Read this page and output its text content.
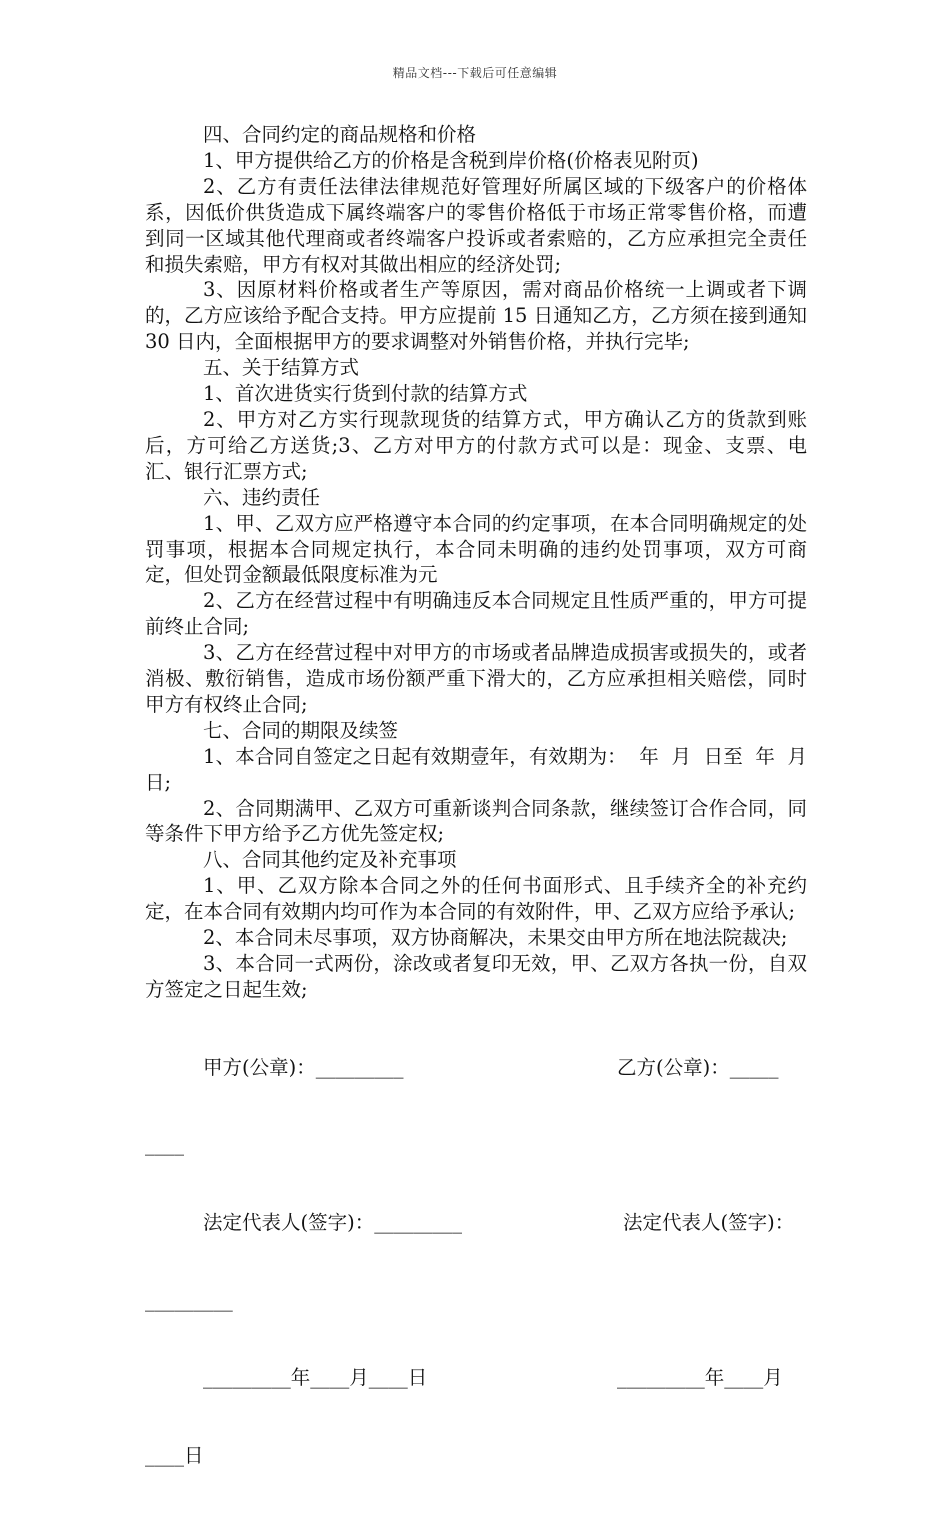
精品文档---下载后可任意编辑

四、合同约定的商品规格和价格

1、甲方提供给乙方的价格是含税到岸价格(价格表见附页)

2、乙方有责任法律法律规范好管理好所属区域的下级客户的价格体系，因低价供货造成下属终端客户的零售价格低于市场正常零售价格，而遭到同一区域其他代理商或者终端客户投诉或者索赔的，乙方应承担完全责任和损失索赔，甲方有权对其做出相应的经济处罚;

3、因原材料价格或者生产等原因，需对商品价格统一上调或者下调的，乙方应该给予配合支持。甲方应提前 15 日通知乙方，乙方须在接到通知 30 日内，全面根据甲方的要求调整对外销售价格，并执行完毕;

五、关于结算方式

1、首次进货实行货到付款的结算方式

2、甲方对乙方实行现款现货的结算方式，甲方确认乙方的货款到账后，方可给乙方送货;3、乙方对甲方的付款方式可以是：现金、支票、电汇、银行汇票方式;

六、违约责任

1、甲、乙双方应严格遵守本合同的约定事项，在本合同明确规定的处罚事项，根据本合同规定执行，本合同未明确的违约处罚事项，双方可商定，但处罚金额最低限度标准为元

2、乙方在经营过程中有明确违反本合同规定且性质严重的，甲方可提前终止合同;

3、乙方在经营过程中对甲方的市场或者品牌造成损害或损失的，或者消极、敷衍销售，造成市场份额严重下滑大的，乙方应承担相关赔偿，同时甲方有权终止合同;

七、合同的期限及续签

1、本合同自签定之日起有效期壹年，有效期为：  年  月  日至  年  月  日;

2、合同期满甲、乙双方可重新谈判合同条款，继续签订合作合同，同等条件下甲方给予乙方优先签定权;

八、合同其他约定及补充事项

1、甲、乙双方除本合同之外的任何书面形式、且手续齐全的补充约定，在本合同有效期内均可作为本合同的有效附件，甲、乙双方应给予承认;

2、本合同未尽事项，双方协商解决，未果交由甲方所在地法院裁决;

3、本合同一式两份，涂改或者复印无效，甲、乙双方各执一份，自双方签定之日起生效;

甲方(公章)：_________

	乙方(公章)：_____

____

法定代表人(签字)：_________

	法定代表人(签字)：

_________

_________年____月____日

	_________年____月

____日
